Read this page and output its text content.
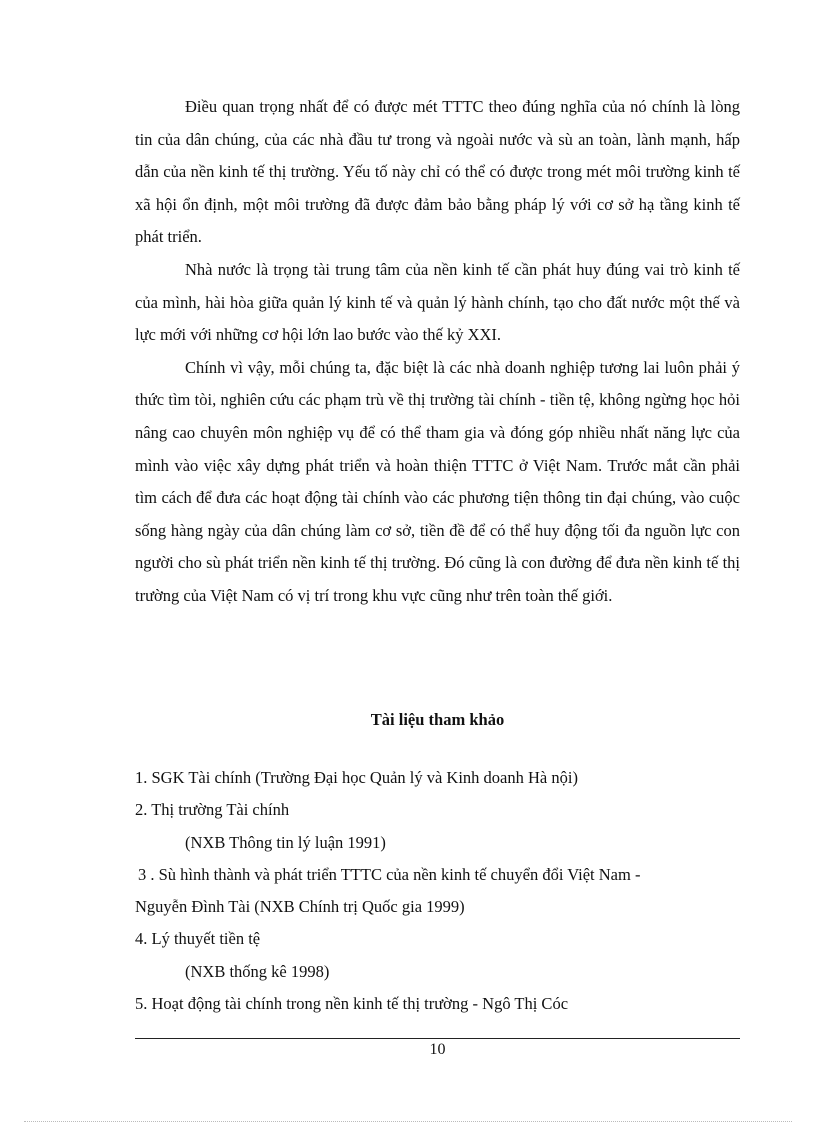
Điều quan trọng nhất để có được mét TTTC theo đúng nghĩa của nó chính là lòng tin của dân chúng, của các nhà đầu tư trong và ngoài nước và sù an toàn, lành mạnh, hấp dẫn của nền kinh tế thị trường. Yếu tố này chỉ có thể có được trong mét môi trường kinh tế xã hội ổn định, một môi trường đã được đảm bảo bằng pháp lý với cơ sở hạ tầng kinh tế phát triển.

Nhà nước là trọng tài trung tâm của nền kinh tế cần phát huy đúng vai trò kinh tế của mình, hài hòa giữa quản lý kinh tế và quản lý hành chính, tạo cho đất nước một thế và lực mới với những cơ hội lớn lao bước vào thế kỷ XXI.

Chính vì vậy, mỗi chúng ta, đặc biệt là các nhà doanh nghiệp tương lai luôn phải ý thức tìm tòi, nghiên cứu các phạm trù về thị trường tài chính - tiền tệ, không ngừng học hỏi nâng cao chuyên môn nghiệp vụ để có thể tham gia và đóng góp nhiều nhất năng lực của mình vào việc xây dựng phát triển và hoàn thiện TTTC ở Việt Nam. Trước mắt cần phải tìm cách để đưa các hoạt động tài chính vào các phương tiện thông tin đại chúng, vào cuộc sống hàng ngày của dân chúng làm cơ sở, tiền đề để có thể huy động tối đa nguồn lực con người cho sù phát triển nền kinh tế thị trường. Đó cũng là con đường để đưa nền kinh tế thị trường của Việt Nam có vị trí trong khu vực cũng như trên toàn thế giới.

Tài liệu tham khảo
1. SGK Tài chính (Trường Đại học Quản lý và Kinh doanh Hà nội)
2. Thị trường Tài chính
(NXB Thông tin lý luận 1991)
3 . Sù hình thành và phát triển TTTC của nền kinh tế chuyển đổi Việt Nam -
Nguyễn Đình Tài (NXB Chính trị Quốc gia 1999)
4. Lý thuyết tiền tệ
(NXB thống kê 1998)
5. Hoạt động tài chính trong nền kinh tế thị trường - Ngô Thị Cóc
10
